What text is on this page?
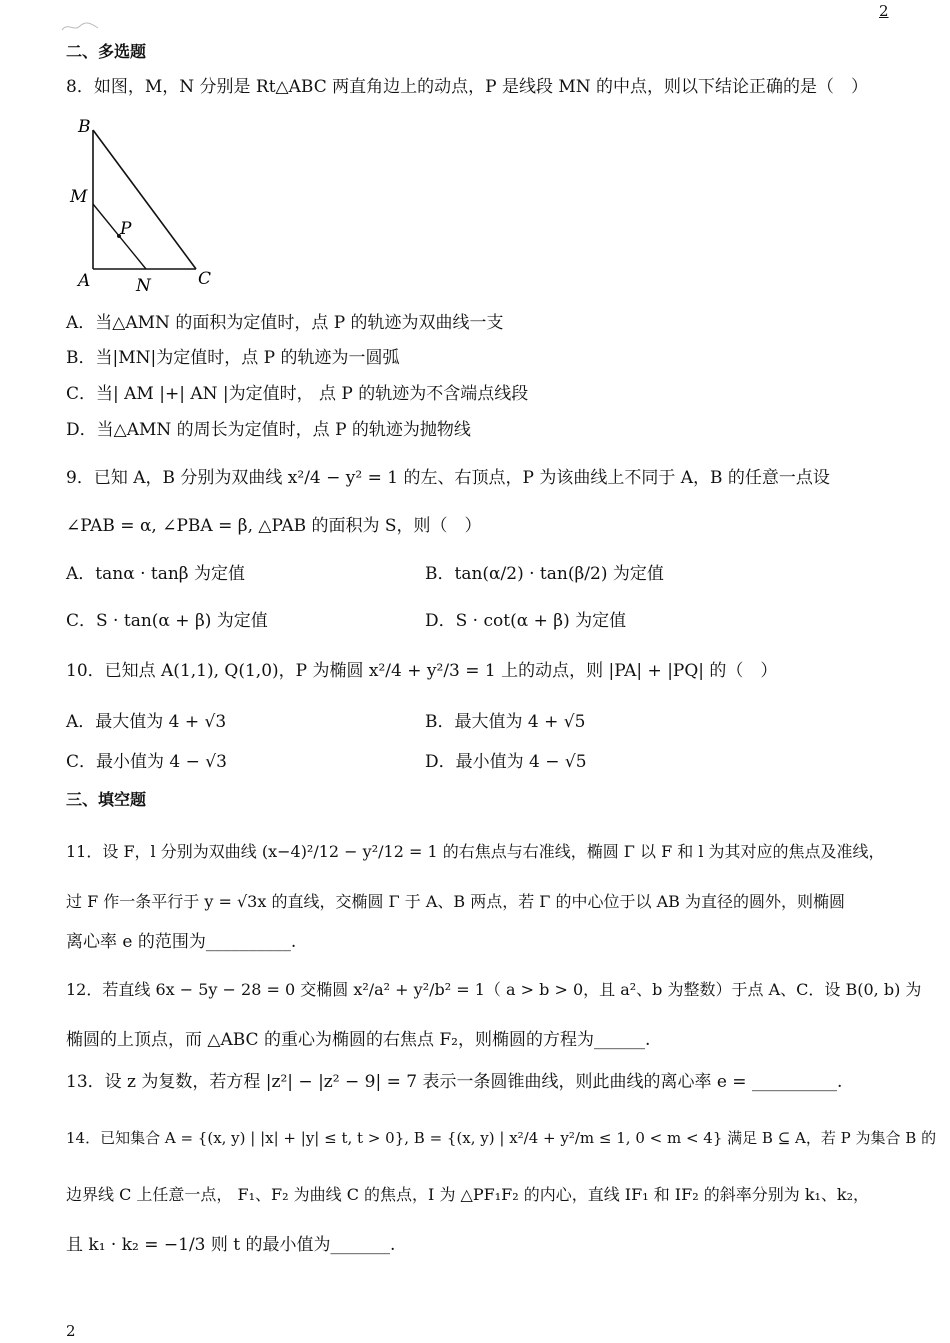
2
二、多选题
8．如图，M，N 分别是 Rt△ABC 两直角边上的动点，P 是线段 MN 的中点，则以下结论正确的是（　）
B
M
P
A	N	C
A．当△AMN 的面积为定值时，点 P 的轨迹为双曲线一支
B．当|MN|为定值时，点 P 的轨迹为一圆弧
C．当| AM |+| AN |为定值时， 点 P 的轨迹为不含端点线段
D．当△AMN 的周长为定值时，点 P 的轨迹为抛物线
9．已知 A，B 分别为双曲线 x²/4 − y² = 1 的左、右顶点，P 为该曲线上不同于 A，B 的任意一点设
∠PAB = α, ∠PBA = β, △PAB 的面积为 S，则（　）
A．tanα · tanβ 为定值	B．tan(α/2) · tan(β/2) 为定值
C．S · tan(α + β) 为定值	D．S · cot(α + β) 为定值
10．已知点 A(1,1), Q(1,0)，P 为椭圆 x²/4 + y²/3 = 1 上的动点，则 |PA| + |PQ| 的（　）
A．最大值为 4 + √3	B．最大值为 4 + √5
C．最小值为 4 − √3	D．最小值为 4 − √5
三、填空题
11．设 F，l 分别为双曲线 (x−4)²/12 − y²/12 = 1 的右焦点与右准线，椭圆 Γ 以 F 和 l 为其对应的焦点及准线，
过 F 作一条平行于 y = √3x 的直线，交椭圆 Γ 于 A、B 两点，若 Γ 的中心位于以 AB 为直径的圆外，则椭圆
离心率 e 的范围为__________.
12．若直线 6x − 5y − 28 = 0 交椭圆 x²/a² + y²/b² = 1（ a > b > 0，且 a²、b 为整数）于点 A、C．设 B(0, b) 为
椭圆的上顶点，而 △ABC 的重心为椭圆的右焦点 F₂，则椭圆的方程为______.
13．设 z 为复数，若方程 |z²| − |z² − 9| = 7 表示一条圆锥曲线，则此曲线的离心率 e = __________.
14．已知集合 A = {(x, y) | |x| + |y| ≤ t, t > 0}, B = {(x, y) | x²/4 + y²/m ≤ 1, 0 < m < 4} 满足 B ⊆ A，若 P 为集合 B 的
边界线 C 上任意一点， F₁、F₂ 为曲线 C 的焦点，I 为 △PF₁F₂ 的内心，直线 IF₁ 和 IF₂ 的斜率分别为 k₁、k₂，
且 k₁ · k₂ = −1/3 则 t 的最小值为_______.
2
